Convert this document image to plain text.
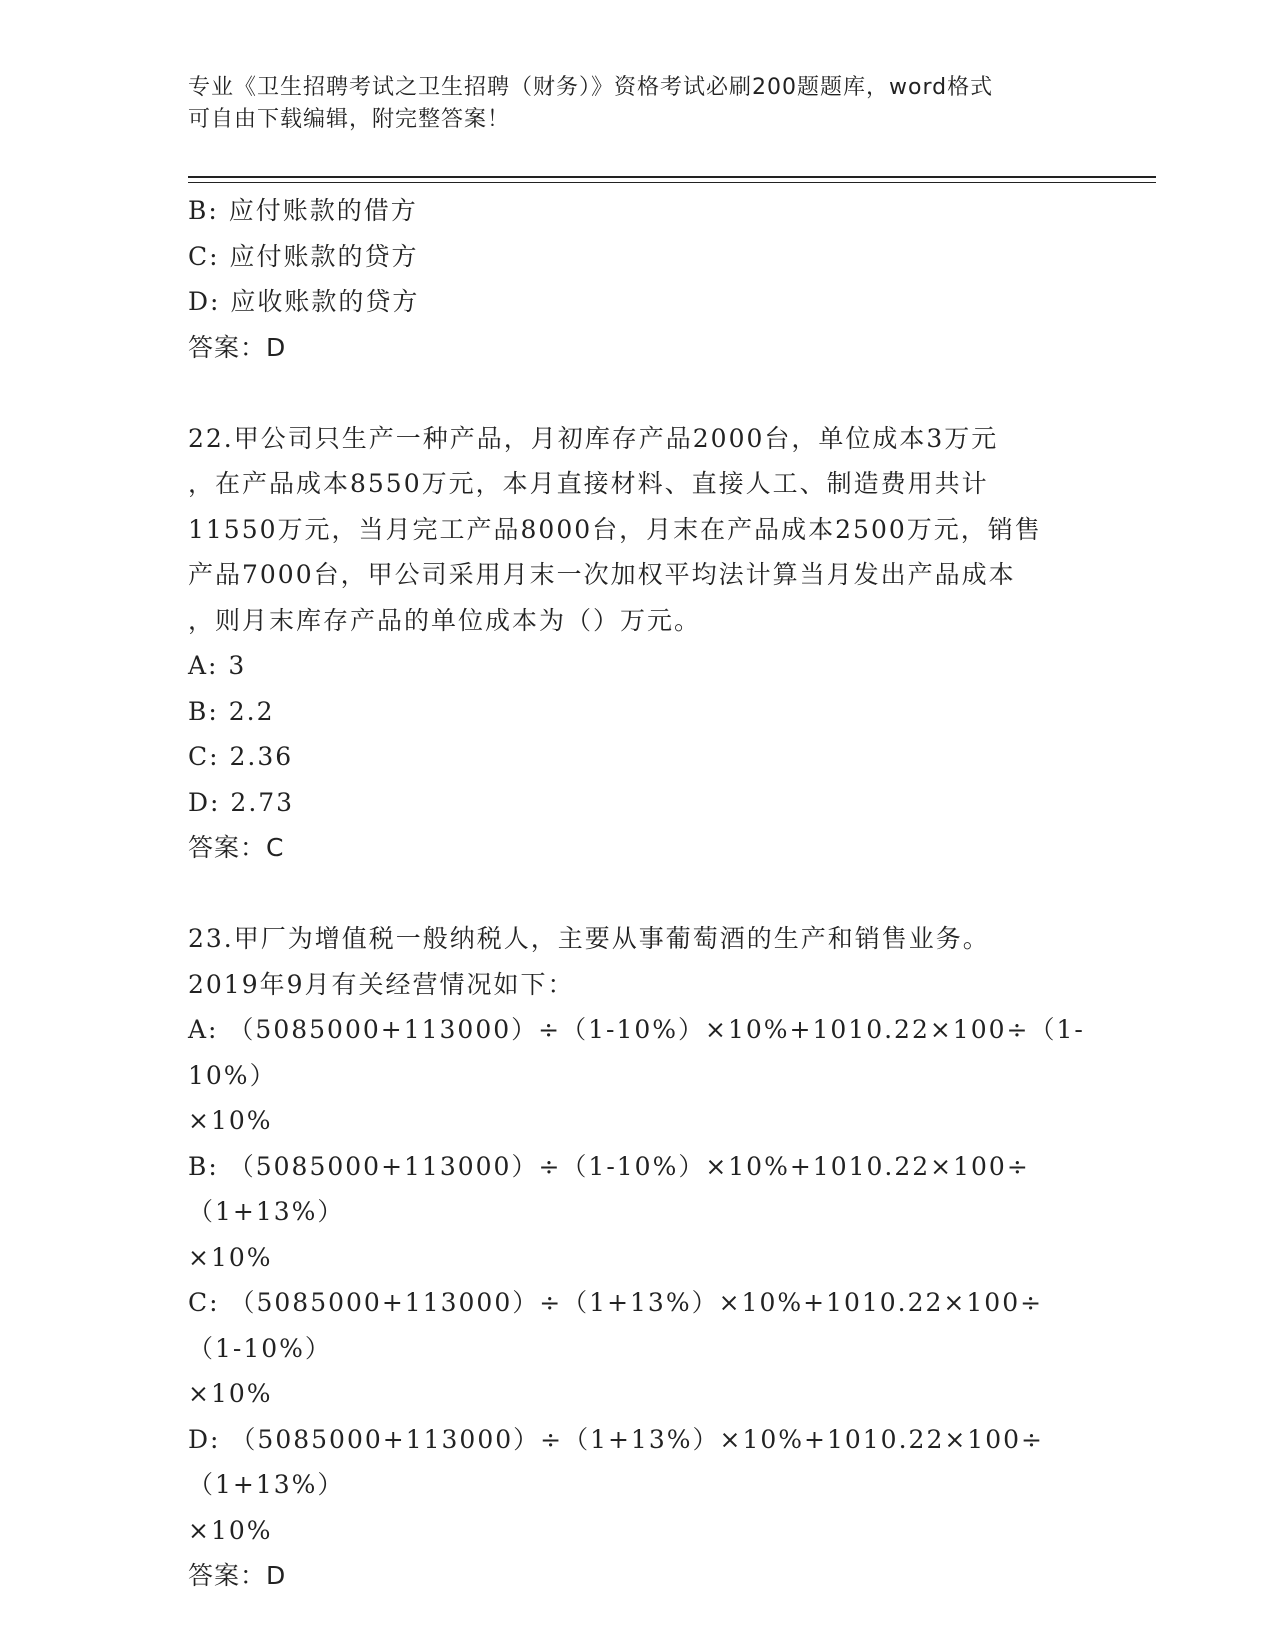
专业《卫生招聘考试之卫生招聘（财务）》资格考试必刷200题题库，word格式

可自由下载编辑，附完整答案！

B: 应付账款的借方

C: 应付账款的贷方

D: 应收账款的贷方

答案：D

22.甲公司只生产一种产品，月初库存产品2000台，单位成本3万元

，在产品成本8550万元，本月直接材料、直接人工、制造费用共计

11550万元，当月完工产品8000台，月末在产品成本2500万元，销售

产品7000台，甲公司采用月末一次加权平均法计算当月发出产品成本

，则月末库存产品的单位成本为（）万元。

A: 3

B: 2.2

C: 2.36

D: 2.73

答案：C

23.甲厂为增值税一般纳税人，主要从事葡萄酒的生产和销售业务。

2019年9月有关经营情况如下：

A: （5085000+113000）÷（1-10%）×10%+1010.22×100÷（1-10%）

×10%

B: （5085000+113000）÷（1-10%）×10%+1010.22×100÷（1+13%）

×10%

C: （5085000+113000）÷（1+13%）×10%+1010.22×100÷（1-10%）

×10%

D: （5085000+113000）÷（1+13%）×10%+1010.22×100÷（1+13%）

×10%

答案：D
